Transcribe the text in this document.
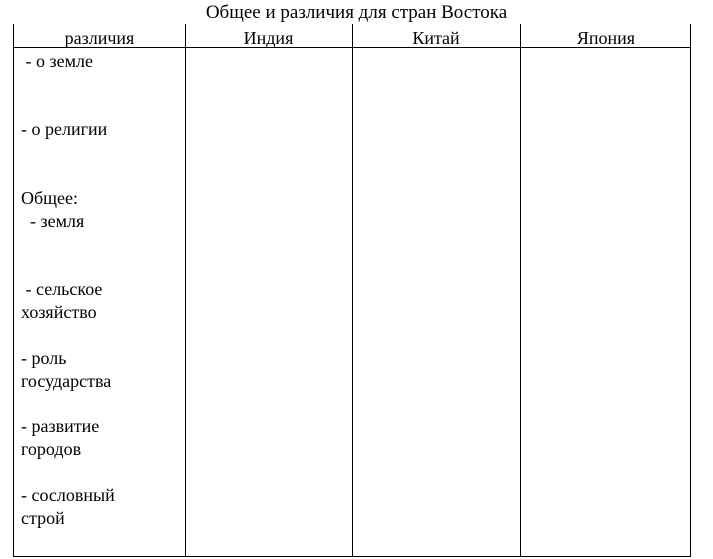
Общее и различия для стран Востока
различия	Индия	Китай	Япония
- о земле
- о религии
Общее:
- земля
- сельское
хозяйство
- роль
государства
- развитие
городов
- сословный
строй
